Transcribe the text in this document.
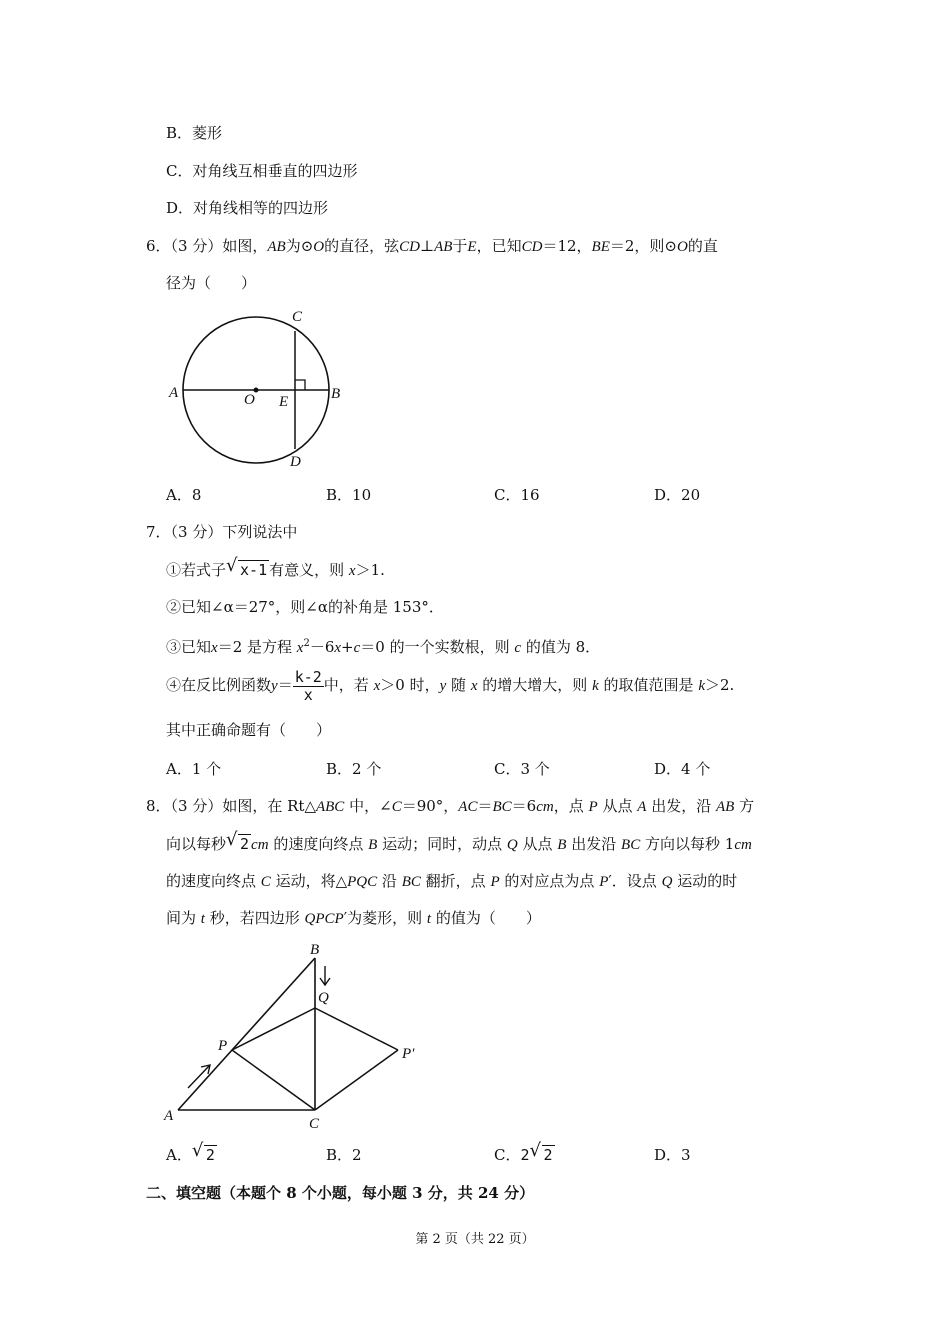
B．菱形
C．对角线互相垂直的四边形
D．对角线相等的四边形
6．（3 分）如图，AB为⊙O的直径，弦CD⊥AB于E，已知CD＝12，BE＝2，则⊙O的直
径为（　　）
C
A	O E	B
D
A．8	B．10	C．16	D．20
7．（3 分）下列说法中
①若式子 √ x-1 有意义，则 x＞1.
②已知∠α＝27°，则∠α的补角是 153°．
③已知x＝2 是方程 $x^2-6x+c=0$ 的一个实数根，则 c 的值为 8．
④在反比例函数$y= \frac{k-2}{x}$ 中，若 x＞0 时，y 随 x 的增大增大，则 k 的取值范围是 k＞2.
其中正确命题有（　　）
A．1 个	B．2 个	C．3 个	D．4 个
8．（3 分）如图，在 Rt△ABC 中，∠C＝90°，AC＝BC＝6cm，点 P 从点 A 出发，沿 AB 方
向以每秒 √ 2 cm 的速度向终点 B 运动；同时，动点 Q 从点 B 出发沿 BC 方向以每秒 1cm
的速度向终点 C 运动，将△PQC 沿 BC 翻折，点 P 的对应点为点 P′．设点 Q 运动的时
间为 t 秒，若四边形 QPCP′为菱形，则 t 的值为（　　）
B
Q
P	P′
A	C
A． √ 2	B．2	C．2 √ 2	D．3
二、填空题（本题个 8 个小题，每小题 3 分，共 24 分）
第 2 页（共 22 页）
